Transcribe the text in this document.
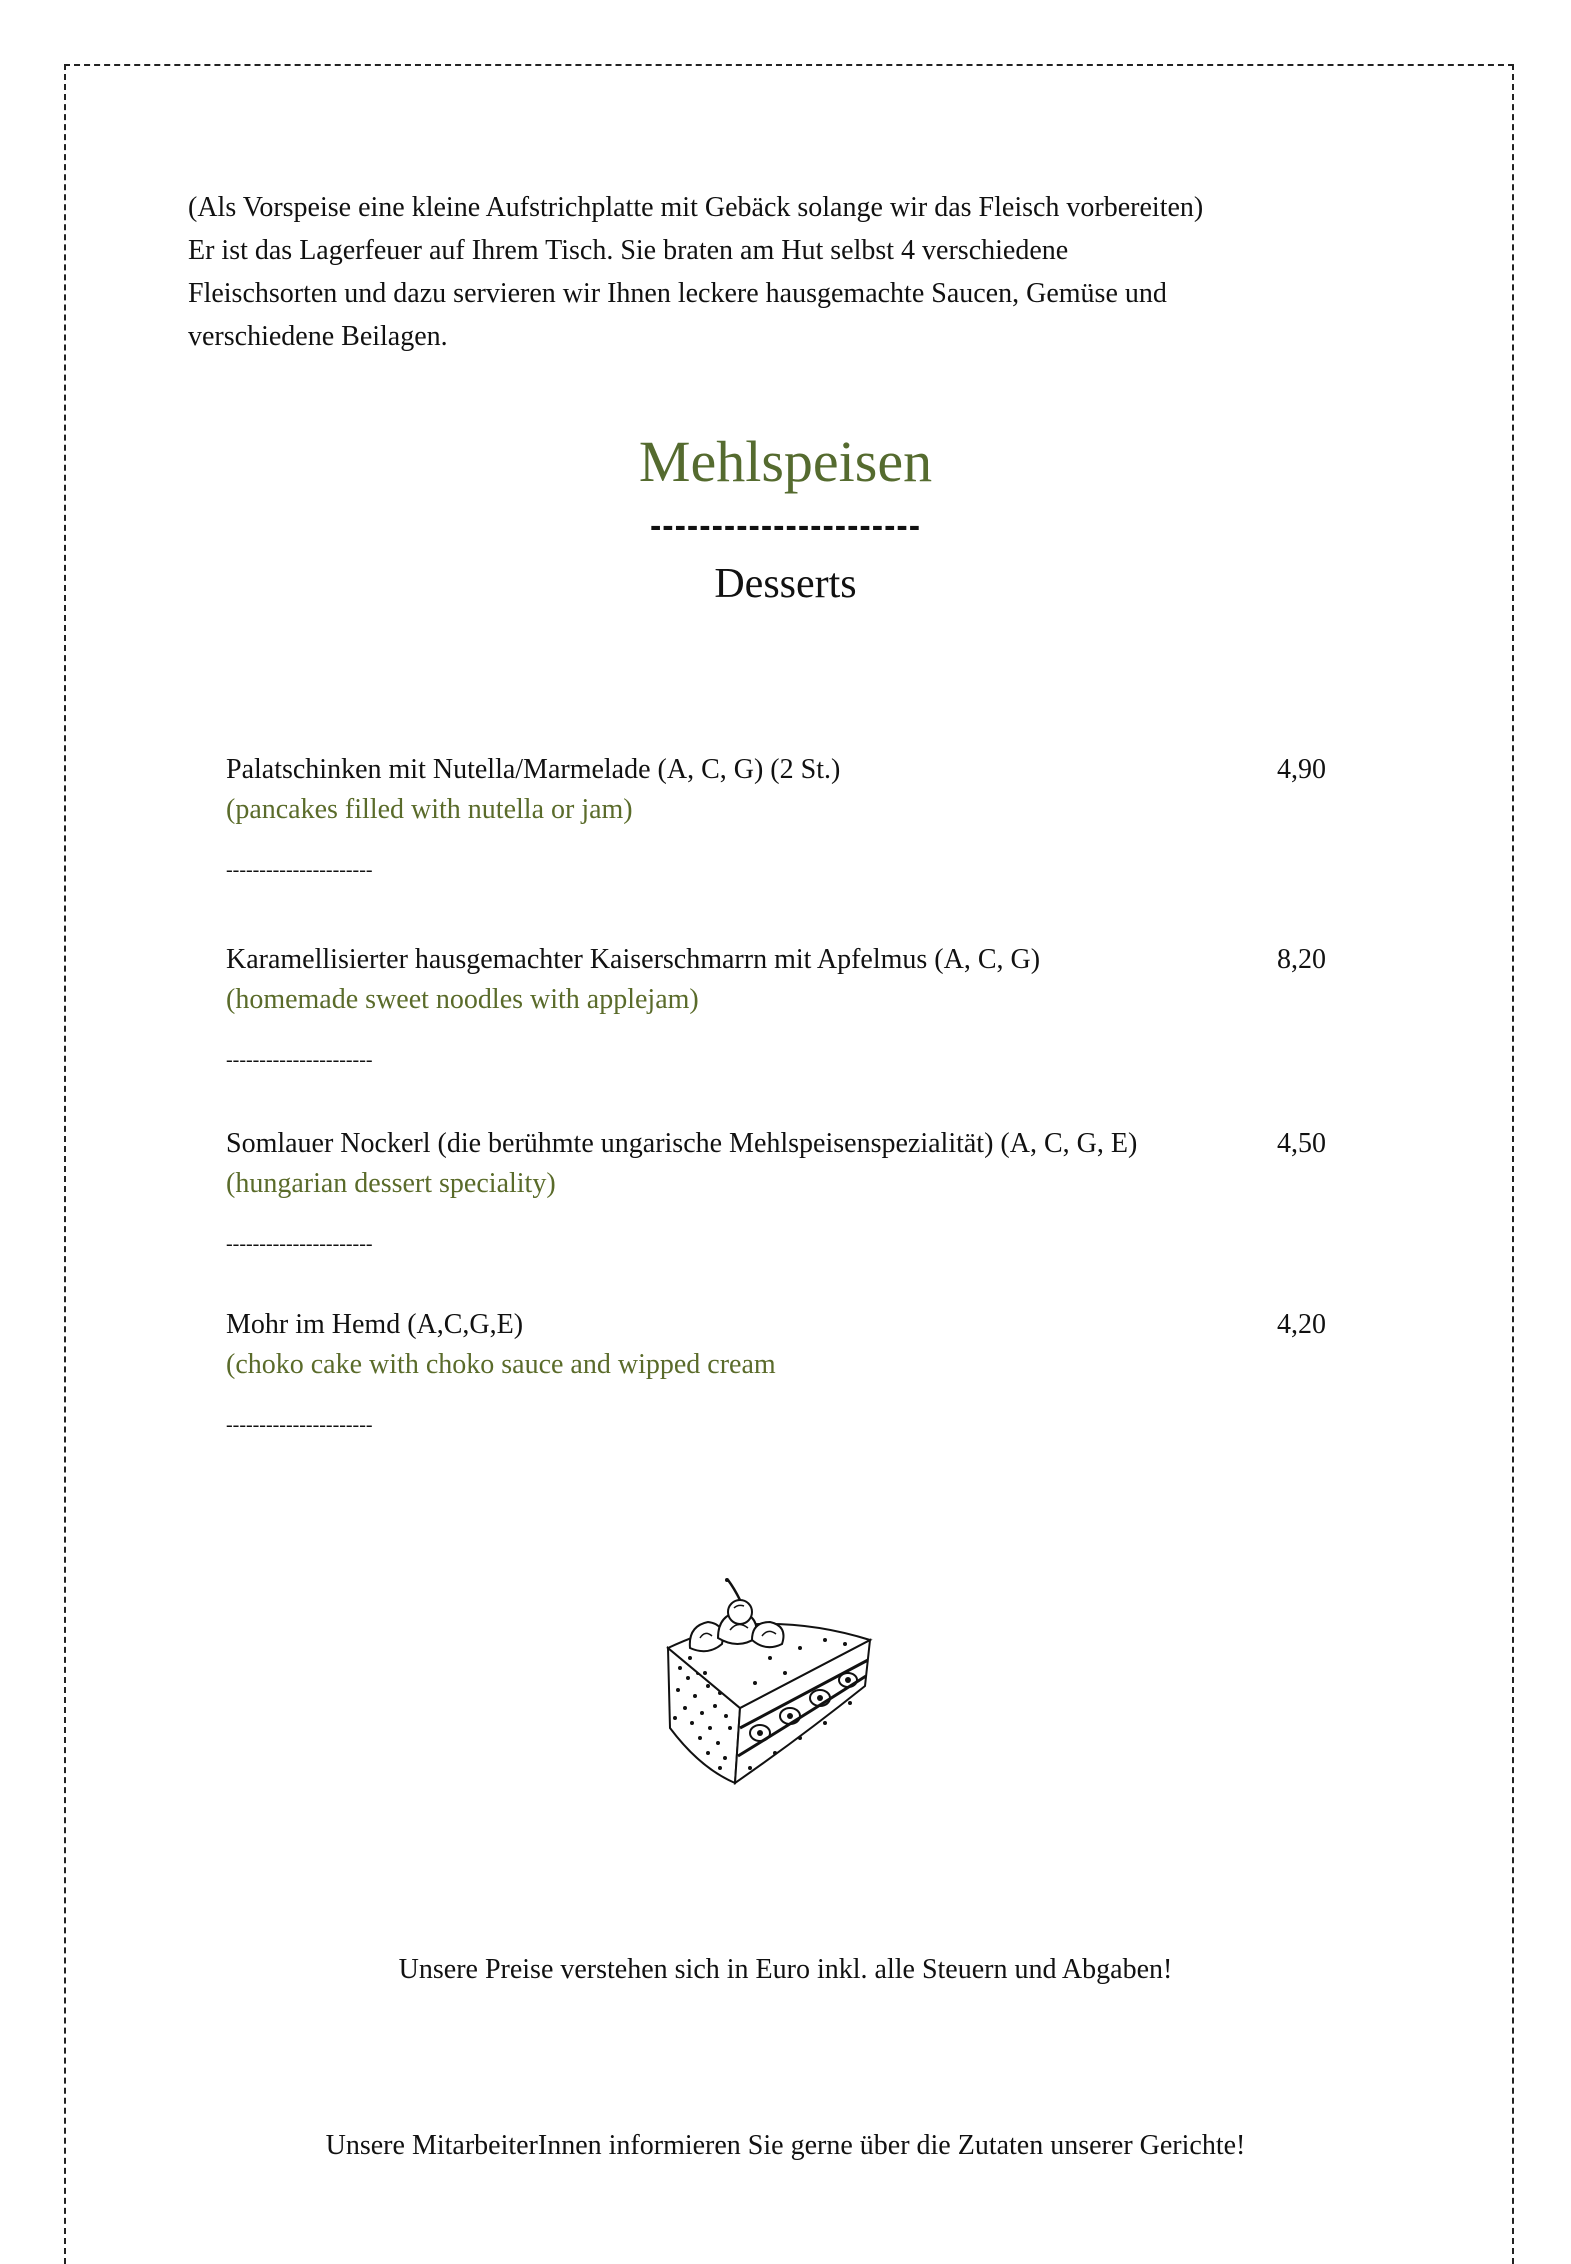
(Als Vorspeise eine kleine Aufstrichplatte mit Gebäck solange wir das Fleisch vorbereiten)

Er ist das Lagerfeuer auf Ihrem Tisch. Sie braten am Hut selbst 4 verschiedene

Fleischsorten und dazu servieren wir Ihnen leckere hausgemachte Saucen, Gemüse und

verschiedene Beilagen.

Mehlspeisen
----------------------
Desserts
Palatschinken mit Nutella/Marmelade (A, C, G) (2 St.)	4,90
(pancakes filled with nutella or jam)
----------------------
Karamellisierter hausgemachter Kaiserschmarrn mit Apfelmus (A, C, G)	8,20
(homemade sweet noodles with applejam)
----------------------
Somlauer Nockerl (die berühmte ungarische Mehlspeisenspezialität) (A, C, G, E)	4,50
(hungarian dessert speciality)
----------------------
Mohr im Hemd (A,C,G,E)	4,20
(choko cake with choko sauce and wipped cream
----------------------

Unsere Preise verstehen sich in Euro inkl. alle Steuern und Abgaben!

Unsere MitarbeiterInnen informieren Sie gerne über die Zutaten unserer Gerichte!
